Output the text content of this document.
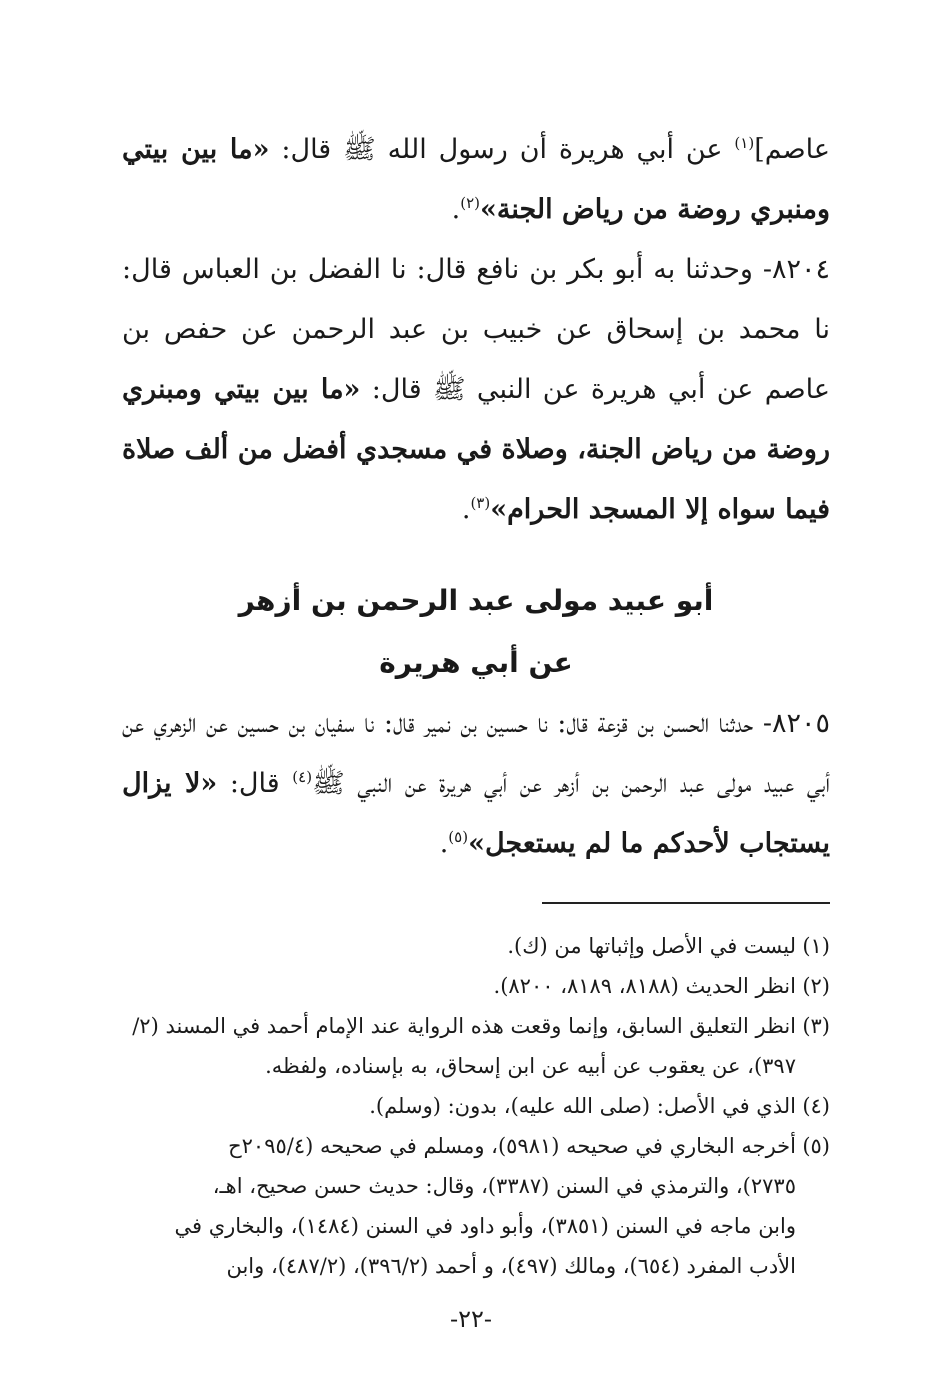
عاصم]$^{(١)}$ عن أبي هريرة أن رسول الله ﷺ قال: «ما بين بيتي ومنبري روضة من رياض الجنة»$^{(٢)}$.

٨٢٠٤- وحدثنا به أبو بكر بن نافع قال: نا الفضل بن العباس قال: نا محمد بن إسحاق عن خبيب بن عبد الرحمن عن حفص بن عاصم عن أبي هريرة عن النبي ﷺ قال: «ما بين بيتي ومبنري روضة من رياض الجنة، وصلاة في مسجدي أفضل من ألف صلاة فيما سواه إلا المسجد الحرام»$^{(٣)}$.

أبو عبيد مولى عبد الرحمن بن أزهر
عن أبي هريرة

٨٢٠٥- حدثنا الحسن بن قزعة قال: نا حسين بن نمير قال: نا سفيان بن حسين عن الزهري عن أبي عبيد مولى عبد الرحمن بن أزهر عن أبي هريرة عن النبي ﷺ$^{(٤)}$ قال: «لا يزال يستجاب لأحدكم ما لم يستعجل»$^{(٥)}$.

(١)ليست في الأصل وإثباتها من (ك).

(٢)انظر الحديث (٨١٨٨، ٨١٨٩، ٨٢٠٠).

(٣)انظر التعليق السابق، وإنما وقعت هذه الرواية عند الإمام أحمد في المسند (٢/

٣٩٧)، عن يعقوب عن أبيه عن ابن إسحاق، به بإسناده، ولفظه.

(٤)الذي في الأصل: (صلى الله عليه)، بدون: (وسلم).

(٥)أخرجه البخاري في صحيحه (٥٩٨١)، ومسلم في صحيحه (٢٠٩٥/٤ح

٢٧٣٥)، والترمذي في السنن (٣٣٨٧)، وقال: حديث حسن صحيح، اهـ،

وابن ماجه في السنن (٣٨٥١)، وأبو داود في السنن (١٤٨٤)، والبخاري في

الأدب المفرد (٦٥٤)، ومالك (٤٩٧)، و أحمد (٣٩٦/٢)، (٤٨٧/٢)، وابن

-٢٢-
